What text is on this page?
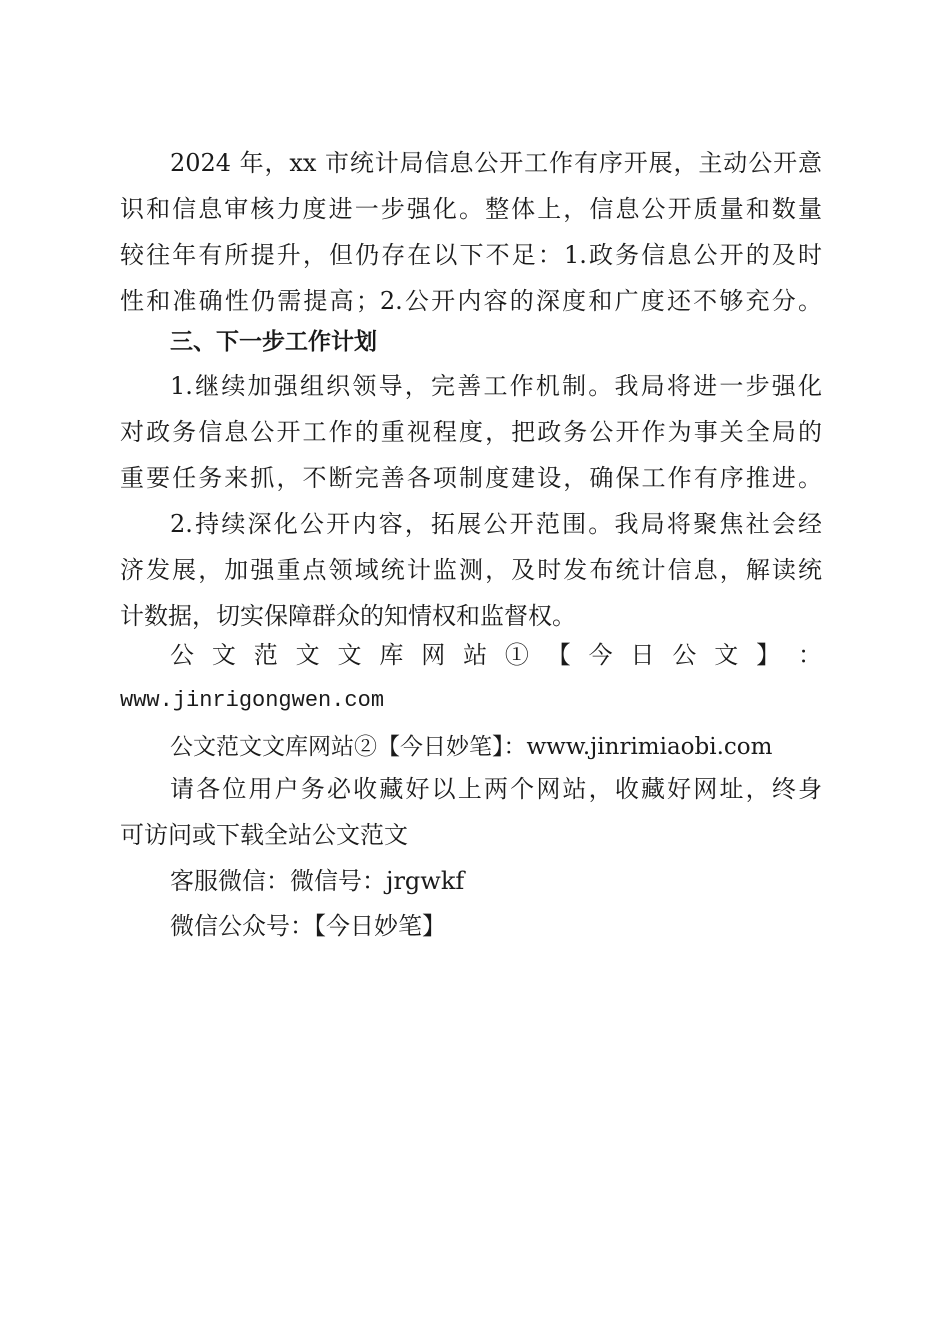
2024 年，xx 市统计局信息公开工作有序开展，主动公开意
识和信息审核力度进一步强化。整体上，信息公开质量和数量
较往年有所提升，但仍存在以下不足：1.政务信息公开的及时
性和准确性仍需提高；2.公开内容的深度和广度还不够充分。
三、下一步工作计划
1.继续加强组织领导，完善工作机制。我局将进一步强化
对政务信息公开工作的重视程度，把政务公开作为事关全局的
重要任务来抓，不断完善各项制度建设，确保工作有序推进。
2.持续深化公开内容，拓展公开范围。我局将聚焦社会经
济发展，加强重点领域统计监测，及时发布统计信息，解读统
计数据，切实保障群众的知情权和监督权。
公 文 范 文 文 库 网 站 ① 【 今 日 公 文 】 ：
www.jinrigongwen.com
公文范文文库网站②【今日妙笔】：www.jinrimiaobi.com
请各位用户务必收藏好以上两个网站，收藏好网址，终身
可访问或下载全站公文范文
客服微信：微信号：jrgwkf
微信公众号：【今日妙笔】
